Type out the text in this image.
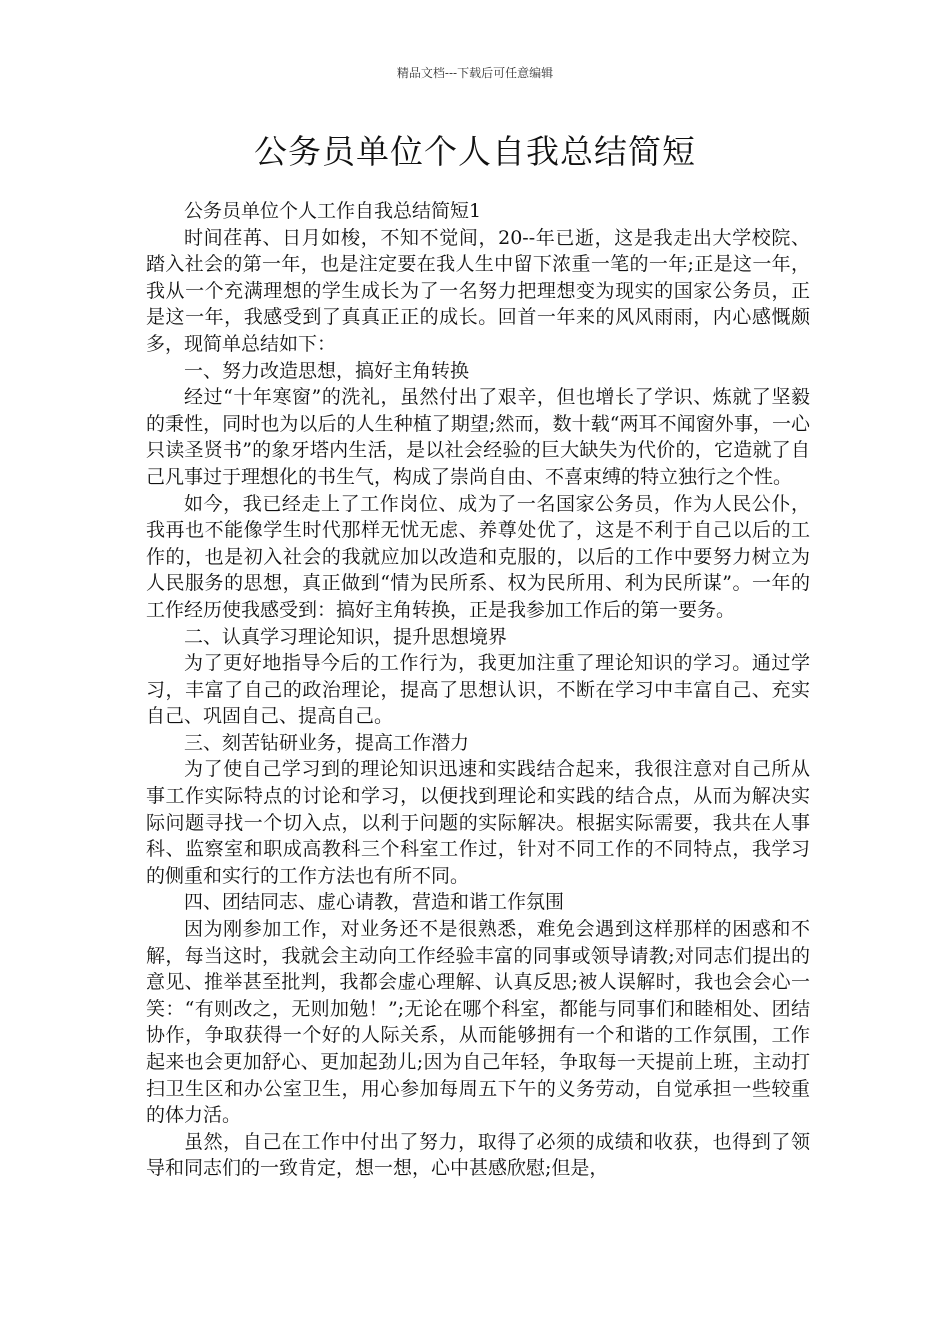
精品文档---下载后可任意编辑
公务员单位个人自我总结简短

公务员单位个人工作自我总结简短1

时间荏苒、日月如梭，不知不觉间，20--年已逝，这是我走出大学校院、踏入社会的第一年，也是注定要在我人生中留下浓重一笔的一年;正是这一年，我从一个充满理想的学生成长为了一名努力把理想变为现实的国家公务员，正是这一年，我感受到了真真正正的成长。回首一年来的风风雨雨，内心感慨颇多，现简单总结如下：

一、努力改造思想，搞好主角转换

经过“十年寒窗”的洗礼，虽然付出了艰辛，但也增长了学识、炼就了坚毅的秉性，同时也为以后的人生种植了期望;然而，数十载“两耳不闻窗外事，一心只读圣贤书”的象牙塔内生活，是以社会经验的巨大缺失为代价的，它造就了自己凡事过于理想化的书生气，构成了崇尚自由、不喜束缚的特立独行之个性。

如今，我已经走上了工作岗位、成为了一名国家公务员，作为人民公仆，我再也不能像学生时代那样无忧无虑、养尊处优了，这是不利于自己以后的工作的，也是初入社会的我就应加以改造和克服的，以后的工作中要努力树立为人民服务的思想，真正做到“情为民所系、权为民所用、利为民所谋”。一年的工作经历使我感受到：搞好主角转换，正是我参加工作后的第一要务。

二、认真学习理论知识，提升思想境界

为了更好地指导今后的工作行为，我更加注重了理论知识的学习。通过学习，丰富了自己的政治理论，提高了思想认识，不断在学习中丰富自己、充实自己、巩固自己、提高自己。

三、刻苦钻研业务，提高工作潜力

为了使自己学习到的理论知识迅速和实践结合起来，我很注意对自己所从事工作实际特点的讨论和学习，以便找到理论和实践的结合点，从而为解决实际问题寻找一个切入点，以利于问题的实际解决。根据实际需要，我共在人事科、监察室和职成高教科三个科室工作过，针对不同工作的不同特点，我学习的侧重和实行的工作方法也有所不同。

四、团结同志、虚心请教，营造和谐工作氛围

因为刚参加工作，对业务还不是很熟悉，难免会遇到这样那样的困惑和不解，每当这时，我就会主动向工作经验丰富的同事或领导请教;对同志们提出的意见、推举甚至批判，我都会虚心理解、认真反思;被人误解时，我也会会心一笑：“有则改之，无则加勉！”;无论在哪个科室，都能与同事们和睦相处、团结协作，争取获得一个好的人际关系，从而能够拥有一个和谐的工作氛围，工作起来也会更加舒心、更加起劲儿;因为自己年轻，争取每一天提前上班，主动打扫卫生区和办公室卫生，用心参加每周五下午的义务劳动，自觉承担一些较重的体力活。

虽然，自己在工作中付出了努力，取得了必须的成绩和收获，也得到了领导和同志们的一致肯定，想一想，心中甚感欣慰;但是，
